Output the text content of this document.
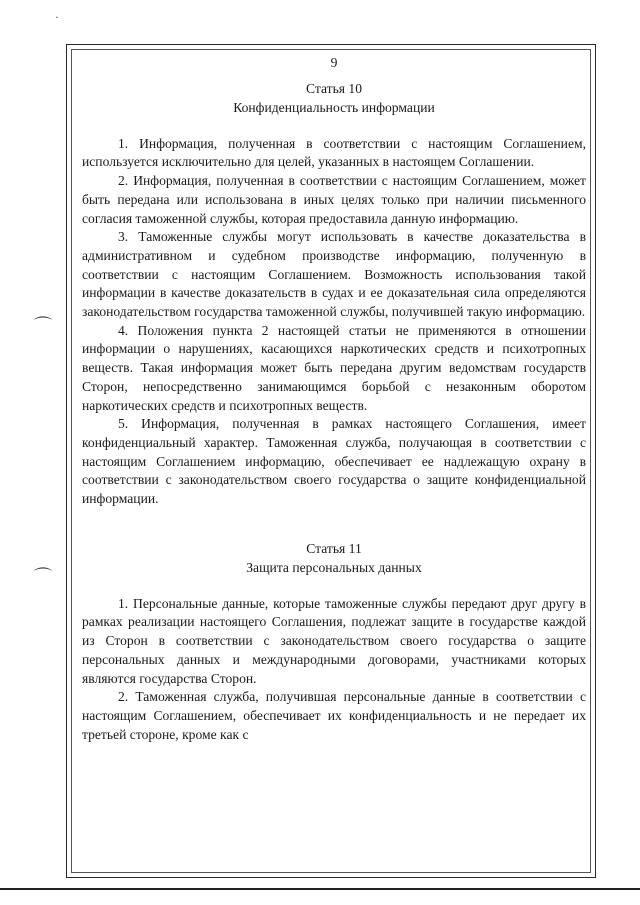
·
⌒
⌒
9
Статья 10
Конфиденциальность информации

1. Информация, полученная в соответствии с настоящим Соглашением, используется исключительно для целей, указанных в настоящем Соглашении.

2. Информация, полученная в соответствии с настоящим Соглашением, может быть передана или использована в иных целях только при наличии письменного согласия таможенной службы, которая предоставила данную информацию.

3. Таможенные службы могут использовать в качестве доказательства в административном и судебном производстве информацию, полученную в соответствии с настоящим Соглашением. Возможность использования такой информации в качестве доказательств в судах и ее доказательная сила определяются законодательством государства таможенной службы, получившей такую информацию.

4. Положения пункта 2 настоящей статьи не применяются в отношении информации о нарушениях, касающихся наркотических средств и психотропных веществ. Такая информация может быть передана другим ведомствам государств Сторон, непосредственно занимающимся борьбой с незаконным оборотом наркотических средств и психотропных веществ.

5. Информация, полученная в рамках настоящего Соглашения, имеет конфиденциальный характер. Таможенная служба, получающая в соответствии с настоящим Соглашением информацию, обеспечивает ее надлежащую охрану в соответствии с законодательством своего государства о защите конфиденциальной информации.

Статья 11
Защита персональных данных

1. Персональные данные, которые таможенные службы передают друг другу в рамках реализации настоящего Соглашения, подлежат защите в государстве каждой из Сторон в соответствии с законодательством своего государства о защите персональных данных и международными договорами, участниками которых являются государства Сторон.

2. Таможенная служба, получившая персональные данные в соответствии с настоящим Соглашением, обеспечивает их конфиденциальность и не передает их третьей стороне, кроме как с
